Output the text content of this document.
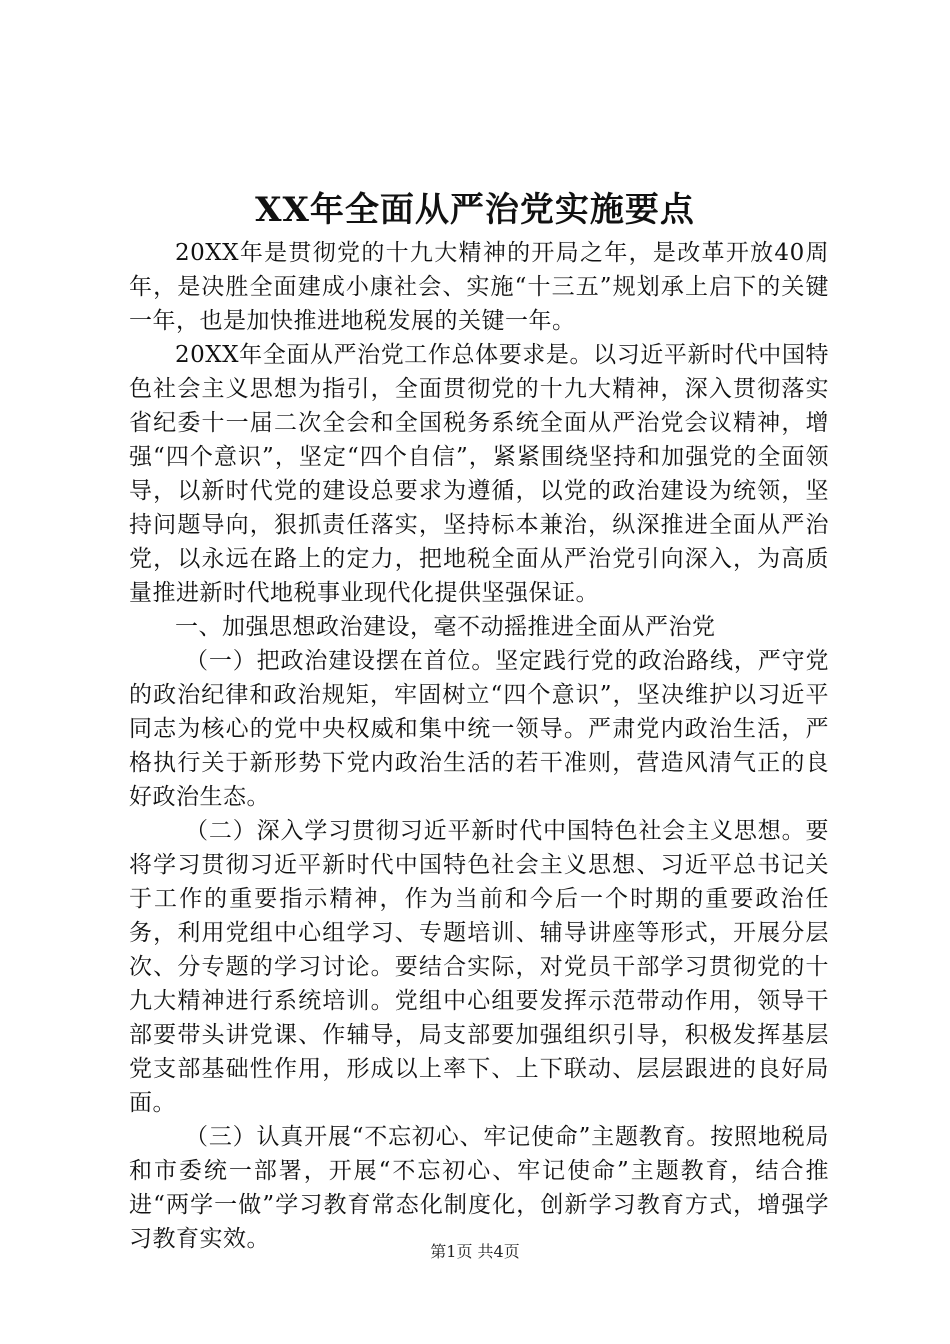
XX年全面从严治党实施要点

20XX年是贯彻党的十九大精神的开局之年，是改革开放40周年，是决胜全面建成小康社会、实施“十三五”规划承上启下的关键一年，也是加快推进地税发展的关键一年。

20XX年全面从严治党工作总体要求是。以习近平新时代中国特色社会主义思想为指引，全面贯彻党的十九大精神，深入贯彻落实省纪委十一届二次全会和全国税务系统全面从严治党会议精神，增强“四个意识”，坚定“四个自信”，紧紧围绕坚持和加强党的全面领导，以新时代党的建设总要求为遵循，以党的政治建设为统领，坚持问题导向，狠抓责任落实，坚持标本兼治，纵深推进全面从严治党，以永远在路上的定力，把地税全面从严治党引向深入，为高质量推进新时代地税事业现代化提供坚强保证。

一、加强思想政治建设，毫不动摇推进全面从严治党

（一）把政治建设摆在首位。坚定践行党的政治路线，严守党的政治纪律和政治规矩，牢固树立“四个意识”，坚决维护以习近平同志为核心的党中央权威和集中统一领导。严肃党内政治生活，严格执行关于新形势下党内政治生活的若干准则，营造风清气正的良好政治生态。

（二）深入学习贯彻习近平新时代中国特色社会主义思想。要将学习贯彻习近平新时代中国特色社会主义思想、习近平总书记关于工作的重要指示精神，作为当前和今后一个时期的重要政治任务，利用党组中心组学习、专题培训、辅导讲座等形式，开展分层次、分专题的学习讨论。要结合实际，对党员干部学习贯彻党的十九大精神进行系统培训。党组中心组要发挥示范带动作用，领导干部要带头讲党课、作辅导，局支部要加强组织引导，积极发挥基层党支部基础性作用，形成以上率下、上下联动、层层跟进的良好局面。

（三）认真开展“不忘初心、牢记使命”主题教育。按照地税局和市委统一部署，开展“不忘初心、牢记使命”主题教育，结合推进“两学一做”学习教育常态化制度化，创新学习教育方式，增强学习教育实效。	第1页 共4页
